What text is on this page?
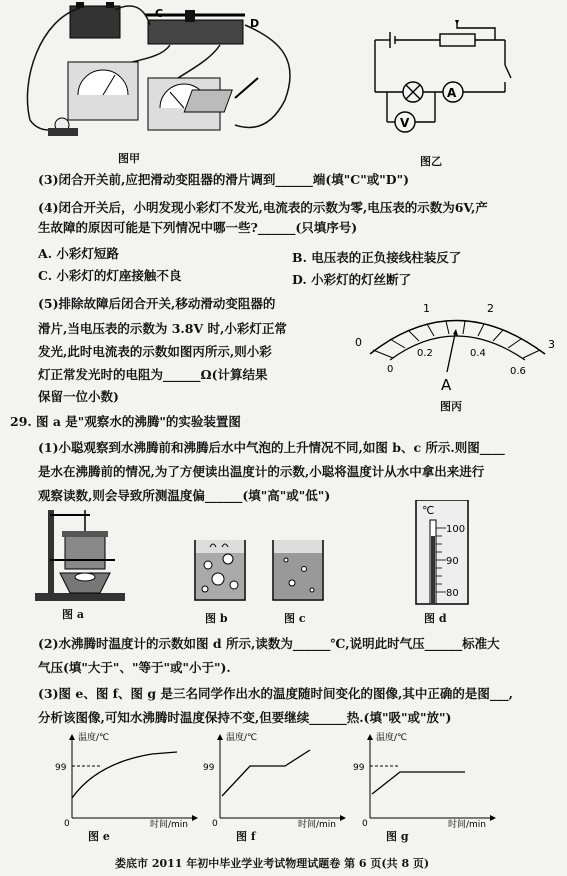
C
D
图甲
A
V
图乙
(3)闭合开关前,应把滑动变阻器的滑片调到______端(填"C"或"D")
(4)闭合开关后，小明发现小彩灯不发光,电流表的示数为零,电压表的示数为6V,产
生故障的原因可能是下列情况中哪一些?______(只填序号)
A. 小彩灯短路	B. 电压表的正负接线柱装反了
C. 小彩灯的灯座接触不良	D. 小彩灯的灯丝断了
(5)排除故障后闭合开关,移动滑动变阻器的
滑片,当电压表的示数为 3.8V 时,小彩灯正常
发光,此时电流表的示数如图丙所示,则小彩
灯正常发光时的电阻为______Ω(计算结果
保留一位小数)
0
1	2
3
0
0.2	0.4
0.6
A
图丙
29. 图 a 是"观察水的沸腾"的实验装置图
(1)小聪观察到水沸腾前和沸腾后水中气泡的上升情况不同,如图 b、c 所示.则图____
是水在沸腾前的情况,为了方便读出温度计的示数,小聪将温度计从水中拿出来进行
观察读数,则会导致所测温度偏______(填"高"或"低")
图 a	图 b	图 c
℃
100
90
80
图 d
(2)水沸腾时温度计的示数如图 d 所示,读数为______℃,说明此时气压______标准大
气压(填"大于"、"等于"或"小于").
(3)图 e、图 f、图 g 是三名同学作出水的温度随时间变化的图像,其中正确的是图___,
分析该图像,可知水沸腾时温度保持不变,但要继续______热.(填"吸"或"放")
温度/℃
99
0	时间/min
图 e
温度/℃
99
0	时间/min
图 f
温度/℃
99
0	时间/min
图 g
娄底市 2011 年初中毕业学业考试物理试题卷 第 6 页(共 8 页)
